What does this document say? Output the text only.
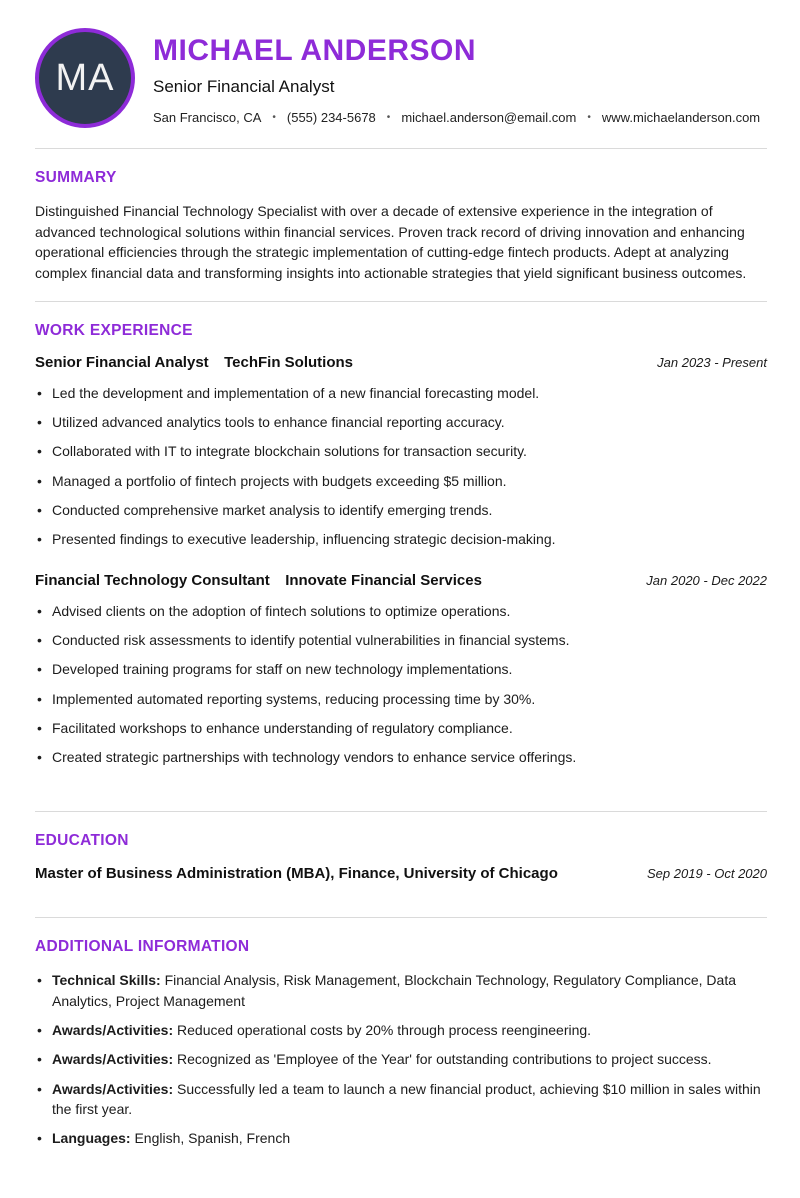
MA
MICHAEL ANDERSON
Senior Financial Analyst
San Francisco, CA • (555) 234-5678 • michael.anderson@email.com • www.michaelanderson.com
SUMMARY

Distinguished Financial Technology Specialist with over a decade of extensive experience in the integration of advanced technological solutions within financial services. Proven track record of driving innovation and enhancing operational efficiencies through the strategic implementation of cutting-edge fintech products. Adept at analyzing complex financial data and transforming insights into actionable strategies that yield significant business outcomes.

WORK EXPERIENCE
Senior Financial Analyst TechFin Solutions	Jan 2023 - Present
• Led the development and implementation of a new financial forecasting model.
• Utilized advanced analytics tools to enhance financial reporting accuracy.
• Collaborated with IT to integrate blockchain solutions for transaction security.
• Managed a portfolio of fintech projects with budgets exceeding $5 million.
• Conducted comprehensive market analysis to identify emerging trends.
• Presented findings to executive leadership, influencing strategic decision-making.
Financial Technology Consultant Innovate Financial Services	Jan 2020 - Dec 2022
• Advised clients on the adoption of fintech solutions to optimize operations.
• Conducted risk assessments to identify potential vulnerabilities in financial systems.
• Developed training programs for staff on new technology implementations.
• Implemented automated reporting systems, reducing processing time by 30%.
• Facilitated workshops to enhance understanding of regulatory compliance.
• Created strategic partnerships with technology vendors to enhance service offerings.
EDUCATION
Master of Business Administration (MBA), Finance, University of Chicago	Sep 2019 - Oct 2020
ADDITIONAL INFORMATION
• Technical Skills: Financial Analysis, Risk Management, Blockchain Technology, Regulatory Compliance, Data Analytics, Project Management
• Awards/Activities: Reduced operational costs by 20% through process reengineering.
• Awards/Activities: Recognized as 'Employee of the Year' for outstanding contributions to project success.
• Awards/Activities: Successfully led a team to launch a new financial product, achieving $10 million in sales within the first year.
• Languages: English, Spanish, French
